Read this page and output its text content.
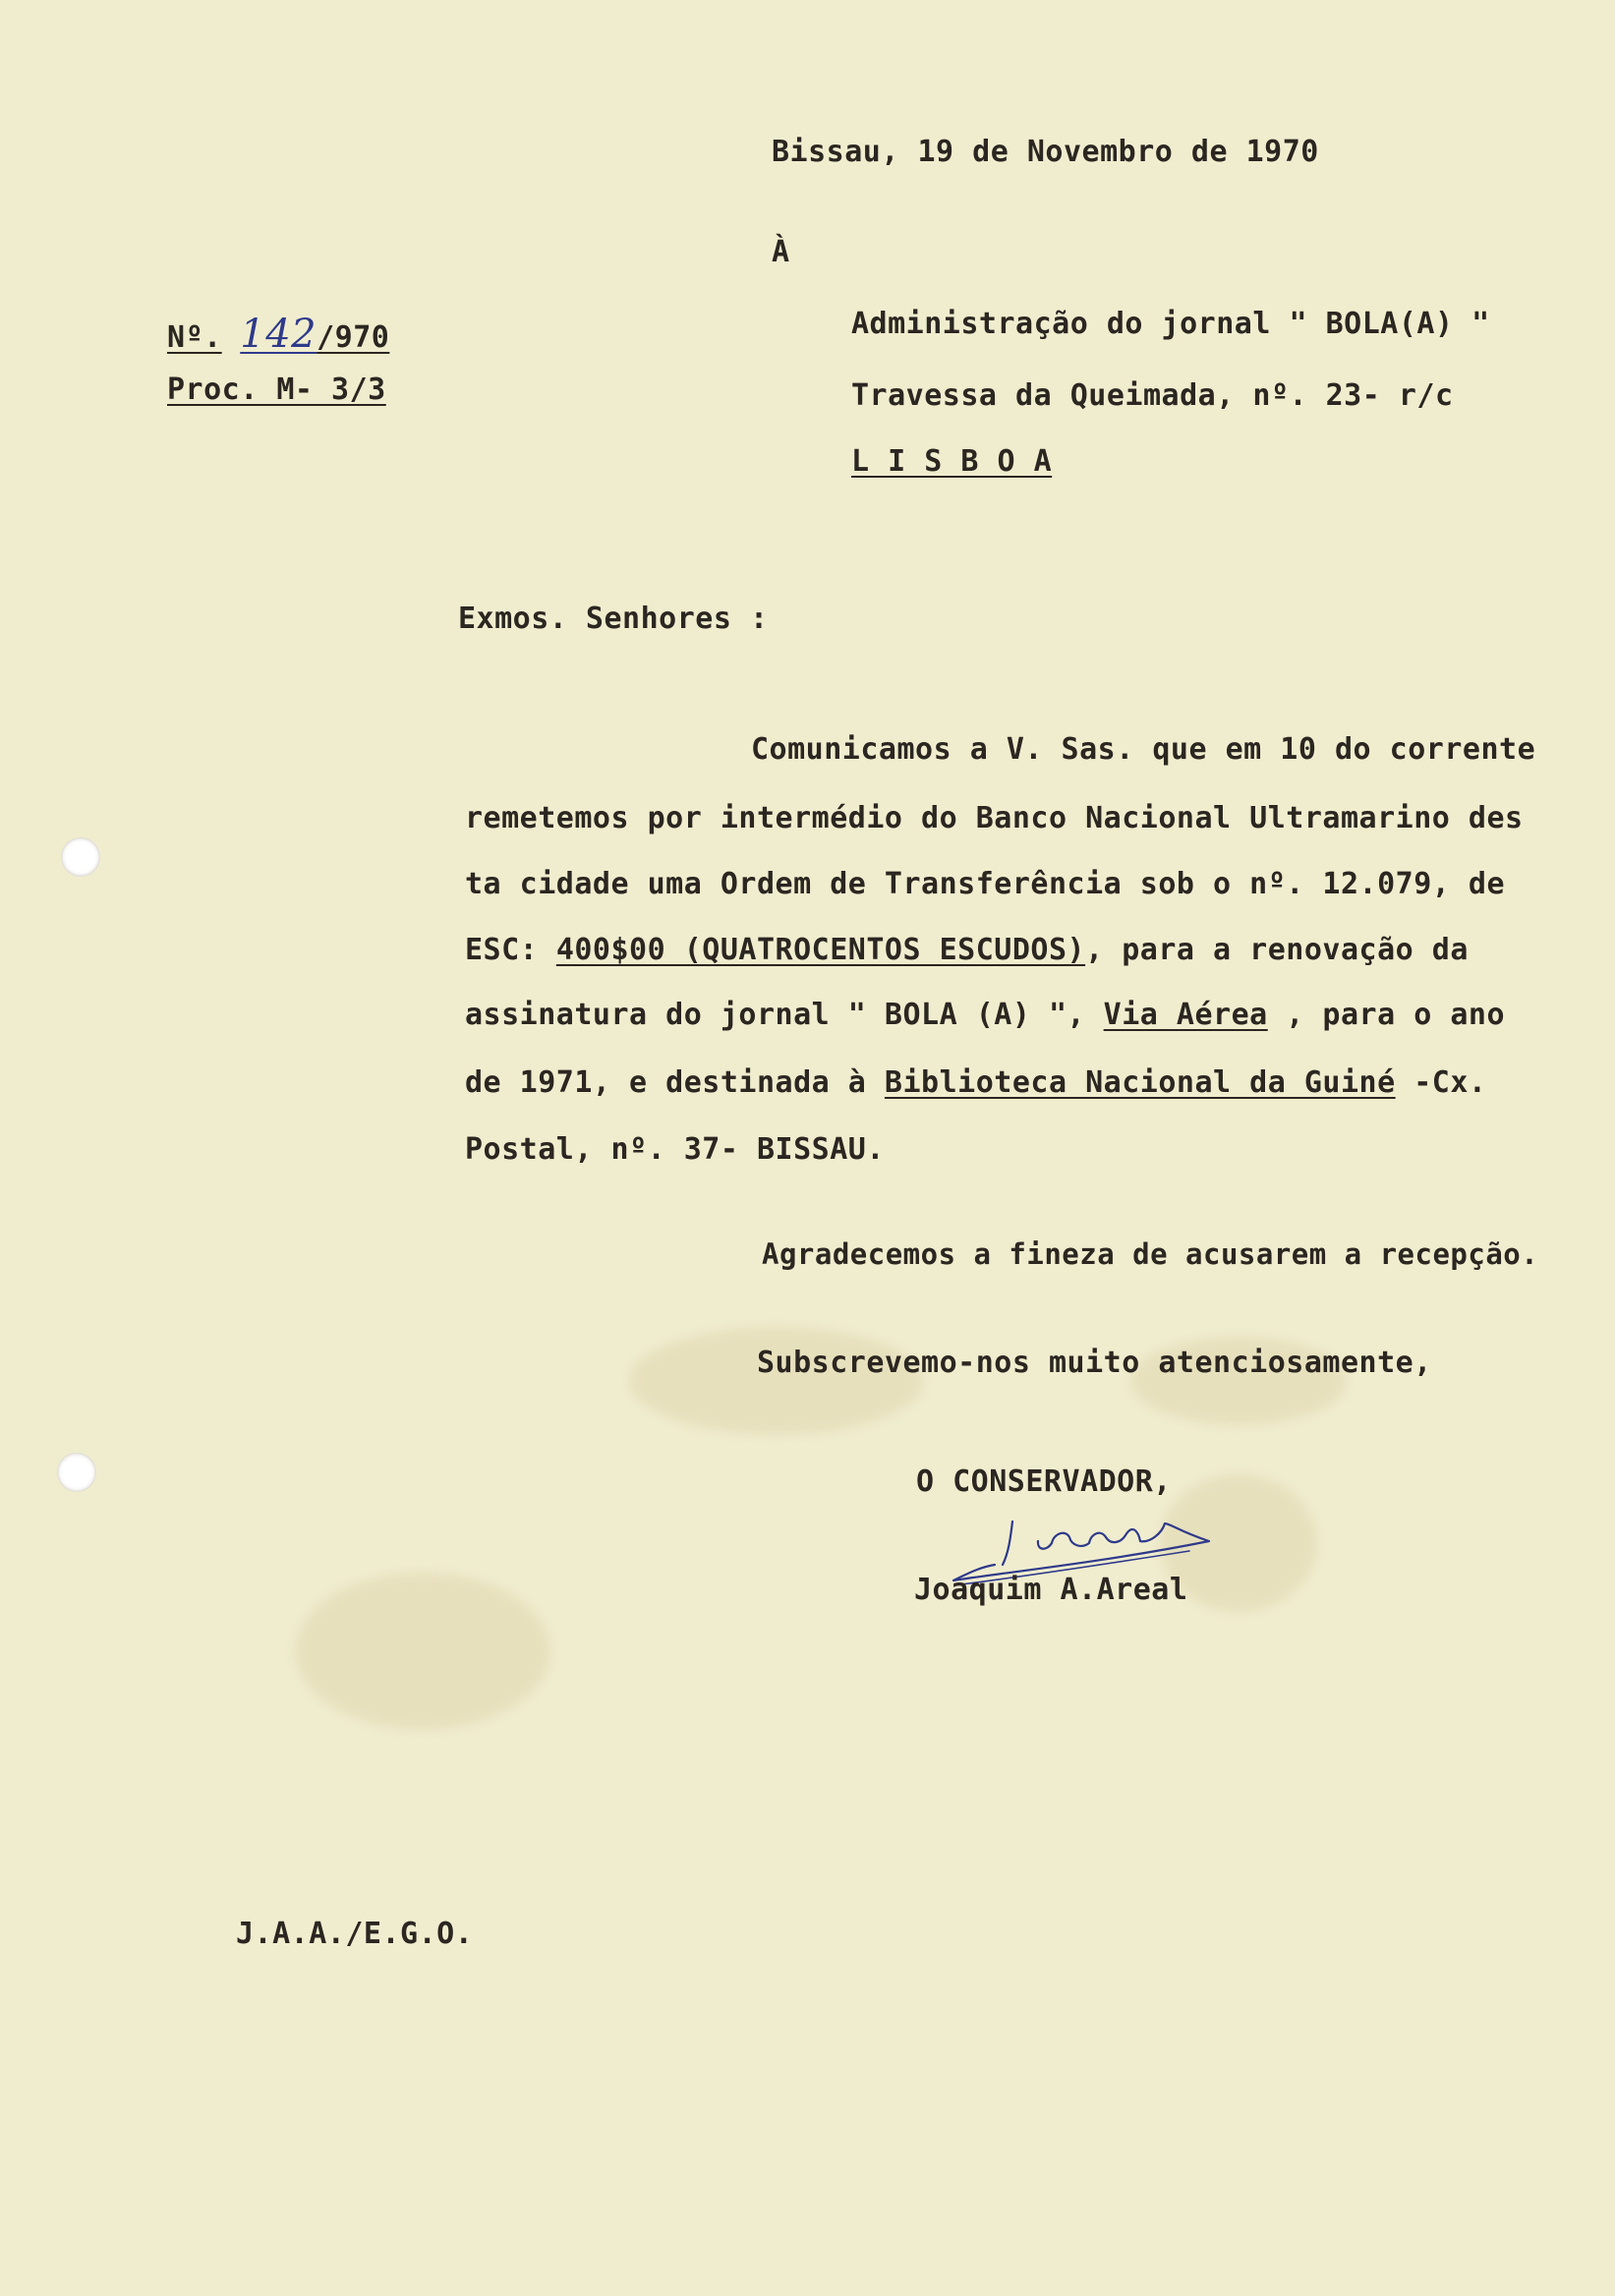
Bissau, 19 de Novembro de 1970
À
Nº. 142/970
Proc. M- 3/3
Administração do jornal " BOLA(A) "
Travessa da Queimada, nº. 23- r/c
L I S B O A
Exmos. Senhores :
Comunicamos a V. Sas. que em 10 do corrente
remetemos por intermédio do Banco Nacional Ultramarino des
ta cidade uma Ordem de Transferência sob o nº. 12.079, de
ESC: 400$00 (QUATROCENTOS ESCUDOS), para a renovação da
assinatura do jornal " BOLA (A) ", Via Aérea , para o ano
de 1971, e destinada à Biblioteca Nacional da Guiné -Cx.
Postal, nº. 37- BISSAU.
Agradecemos a fineza de acusarem a recepção.
Subscrevemo-nos muito atenciosamente,
O CONSERVADOR,
Joaquim A.Areal
J.A.A./E.G.O.
